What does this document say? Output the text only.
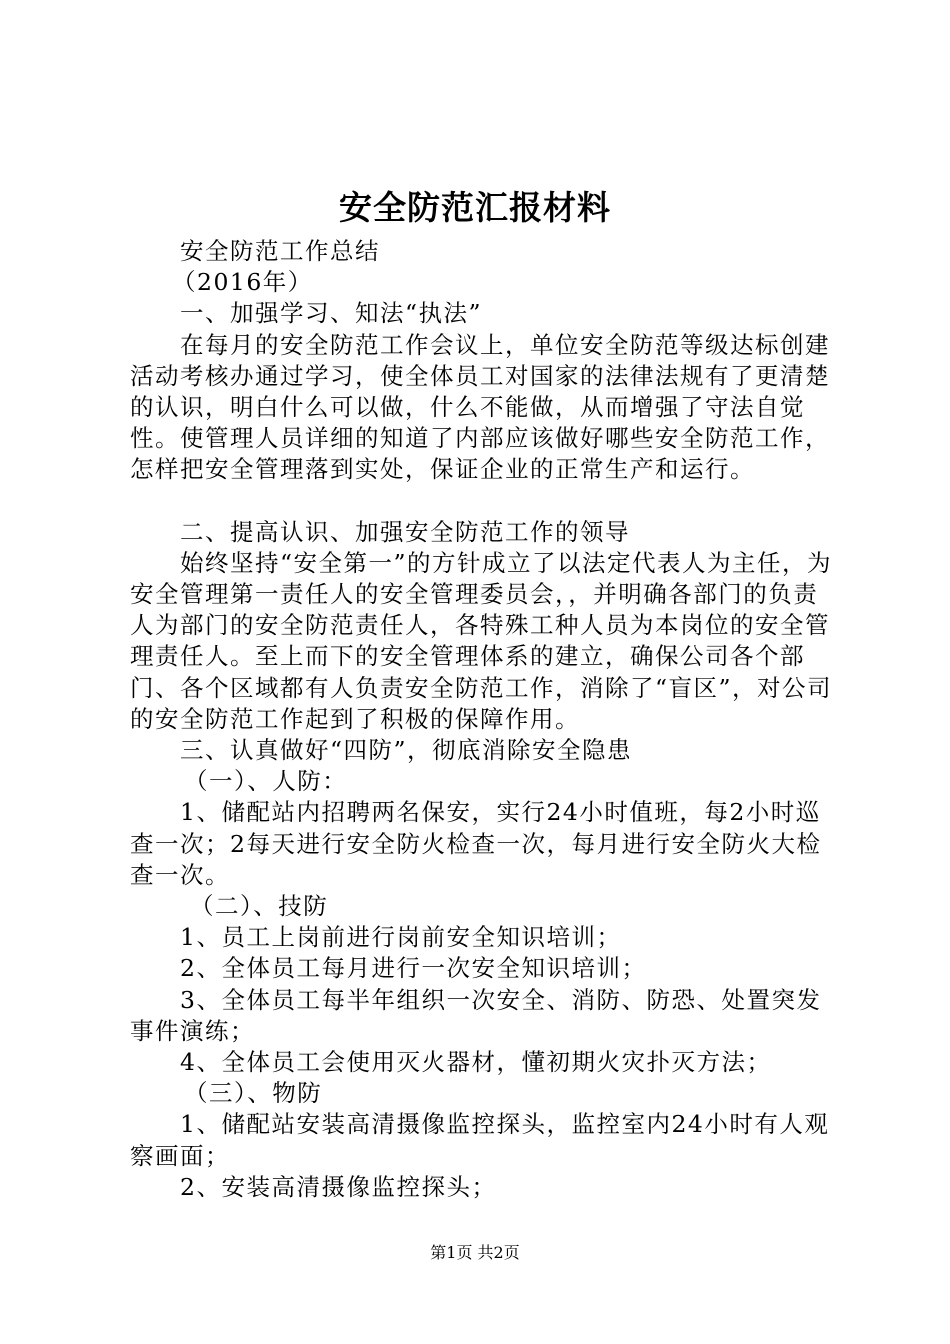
安全防范汇报材料

安全防范工作总结

（2016年）

一、加强学习、知法“执法”

在每月的安全防范工作会议上，单位安全防范等级达标创建活动考核办通过学习，使全体员工对国家的法律法规有了更清楚的认识，明白什么可以做，什么不能做，从而增强了守法自觉性。使管理人员详细的知道了内部应该做好哪些安全防范工作，怎样把安全管理落到实处，保证企业的正常生产和运行。

二、提高认识、加强安全防范工作的领导

始终坚持“安全第一”的方针成立了以法定代表人为主任，为安全管理第一责任人的安全管理委员会，，并明确各部门的负责人为部门的安全防范责任人，各特殊工种人员为本岗位的安全管理责任人。至上而下的安全管理体系的建立，确保公司各个部门、各个区域都有人负责安全防范工作，消除了“盲区”，对公司的安全防范工作起到了积极的保障作用。

三、认真做好“四防”，彻底消除安全隐患

（一）、人防：

1、储配站内招聘两名保安，实行24小时值班，每2小时巡查一次；2每天进行安全防火检查一次，每月进行安全防火大检查一次。

（二）、技防

1、员工上岗前进行岗前安全知识培训；

2、全体员工每月进行一次安全知识培训；

3、全体员工每半年组织一次安全、消防、防恐、处置突发事件演练；

4、全体员工会使用灭火器材，懂初期火灾扑灭方法；

（三）、物防

1、储配站安装高清摄像监控探头，监控室内24小时有人观察画面；

2、安装高清摄像监控探头；

第1页 共2页
